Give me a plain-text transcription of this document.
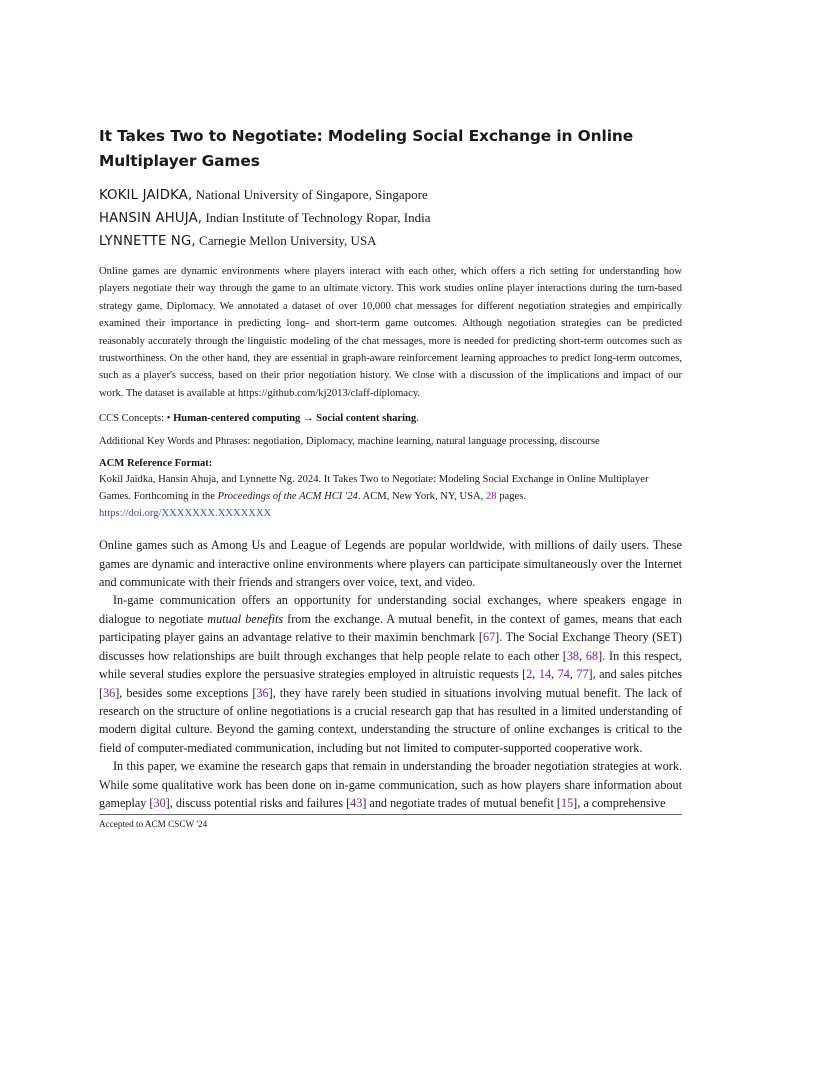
It Takes Two to Negotiate: Modeling Social Exchange in Online Multiplayer Games
KOKIL JAIDKA, National University of Singapore, Singapore
HANSIN AHUJA, Indian Institute of Technology Ropar, India
LYNNETTE NG, Carnegie Mellon University, USA
Online games are dynamic environments where players interact with each other, which offers a rich setting for understanding how players negotiate their way through the game to an ultimate victory. This work studies online player interactions during the turn-based strategy game, Diplomacy. We annotated a dataset of over 10,000 chat messages for different negotiation strategies and empirically examined their importance in predicting long- and short-term game outcomes. Although negotiation strategies can be predicted reasonably accurately through the linguistic modeling of the chat messages, more is needed for predicting short-term outcomes such as trustworthiness. On the other hand, they are essential in graph-aware reinforcement learning approaches to predict long-term outcomes, such as a player's success, based on their prior negotiation history. We close with a discussion of the implications and impact of our work. The dataset is available at https://github.com/kj2013/claff-diplomacy.
CCS Concepts: • Human-centered computing → Social content sharing.
Additional Key Words and Phrases: negotiation, Diplomacy, machine learning, natural language processing, discourse
ACM Reference Format:
Kokil Jaidka, Hansin Ahuja, and Lynnette Ng. 2024. It Takes Two to Negotiate: Modeling Social Exchange in Online Multiplayer Games. Forthcoming in the Proceedings of the ACM HCI '24. ACM, New York, NY, USA, 28 pages. https://doi.org/XXXXXXX.XXXXXXX

Online games such as Among Us and League of Legends are popular worldwide, with millions of daily users. These games are dynamic and interactive online environments where players can participate simultaneously over the Internet and communicate with their friends and strangers over voice, text, and video.

In-game communication offers an opportunity for understanding social exchanges, where speakers engage in dialogue to negotiate mutual benefits from the exchange. A mutual benefit, in the context of games, means that each participating player gains an advantage relative to their maximin benchmark [67]. The Social Exchange Theory (SET) discusses how relationships are built through exchanges that help people relate to each other [38, 68]. In this respect, while several studies explore the persuasive strategies employed in altruistic requests [2, 14, 74, 77], and sales pitches [36], besides some exceptions [36], they have rarely been studied in situations involving mutual benefit. The lack of research on the structure of online negotiations is a crucial research gap that has resulted in a limited understanding of modern digital culture. Beyond the gaming context, understanding the structure of online exchanges is critical to the field of computer-mediated communication, including but not limited to computer-supported cooperative work.

In this paper, we examine the research gaps that remain in understanding the broader negotiation strategies at work. While some qualitative work has been done on in-game communication, such as how players share information about gameplay [30], discuss potential risks and failures [43] and negotiate trades of mutual benefit [15], a comprehensive

Accepted to ACM CSCW '24
